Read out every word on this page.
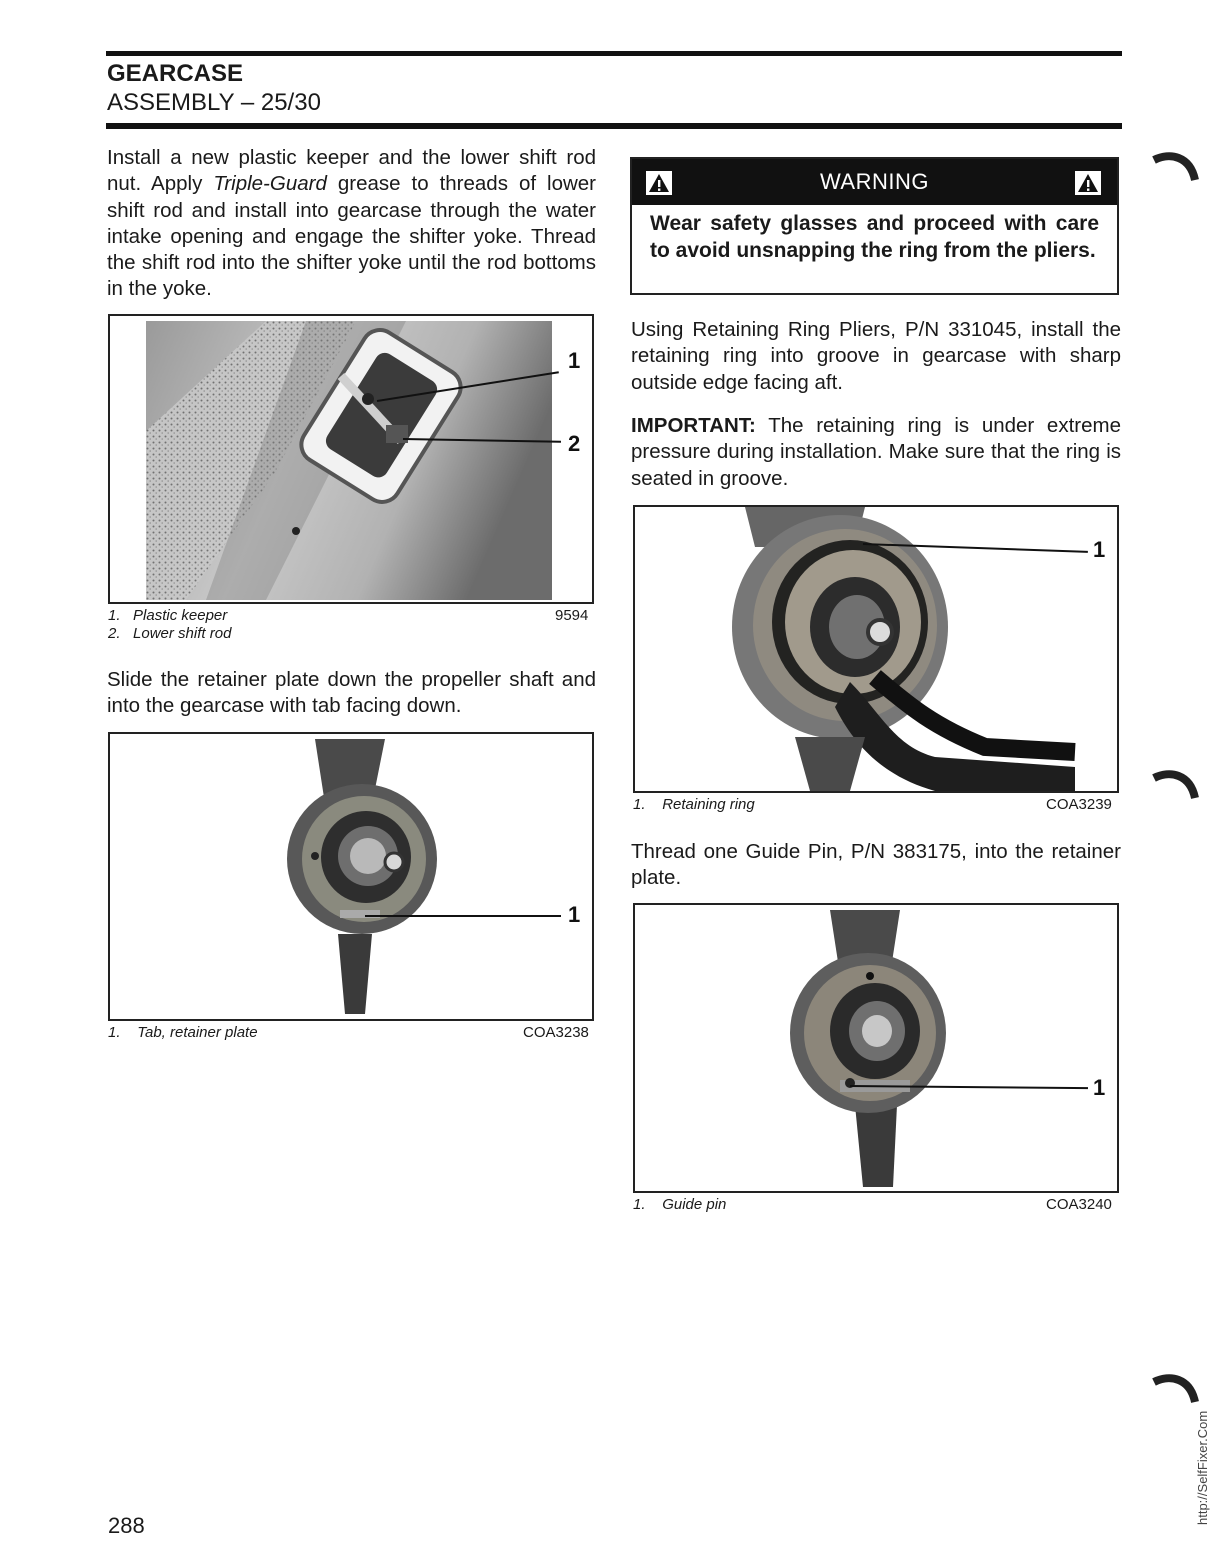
GEARCASE
ASSEMBLY – 25/30

Install a new plastic keeper and the lower shift rod nut. Apply Triple-Guard grease to threads of lower shift rod and install into gearcase through the water intake opening and engage the shifter yoke. Thread the shift rod into the shifter yoke until the rod bottoms in the yoke.

1
2
1. Plastic keeper
2. Lower shift rod
9594

Slide the retainer plate down the propeller shaft and into the gearcase with tab facing down.

1
1. Tab, retainer plate	COA3238
WARNING
Wear safety glasses and proceed with care to avoid unsnapping the ring from the pliers.

Using Retaining Ring Pliers, P/N 331045, install the retaining ring into groove in gearcase with sharp outside edge facing aft.

IMPORTANT: The retaining ring is under extreme pressure during installation. Make sure that the ring is seated in groove.

1
1. Retaining ring	COA3239

Thread one Guide Pin, P/N 383175, into the retainer plate.

1
1. Guide pin	COA3240
288
http://SelfFixer.Com
